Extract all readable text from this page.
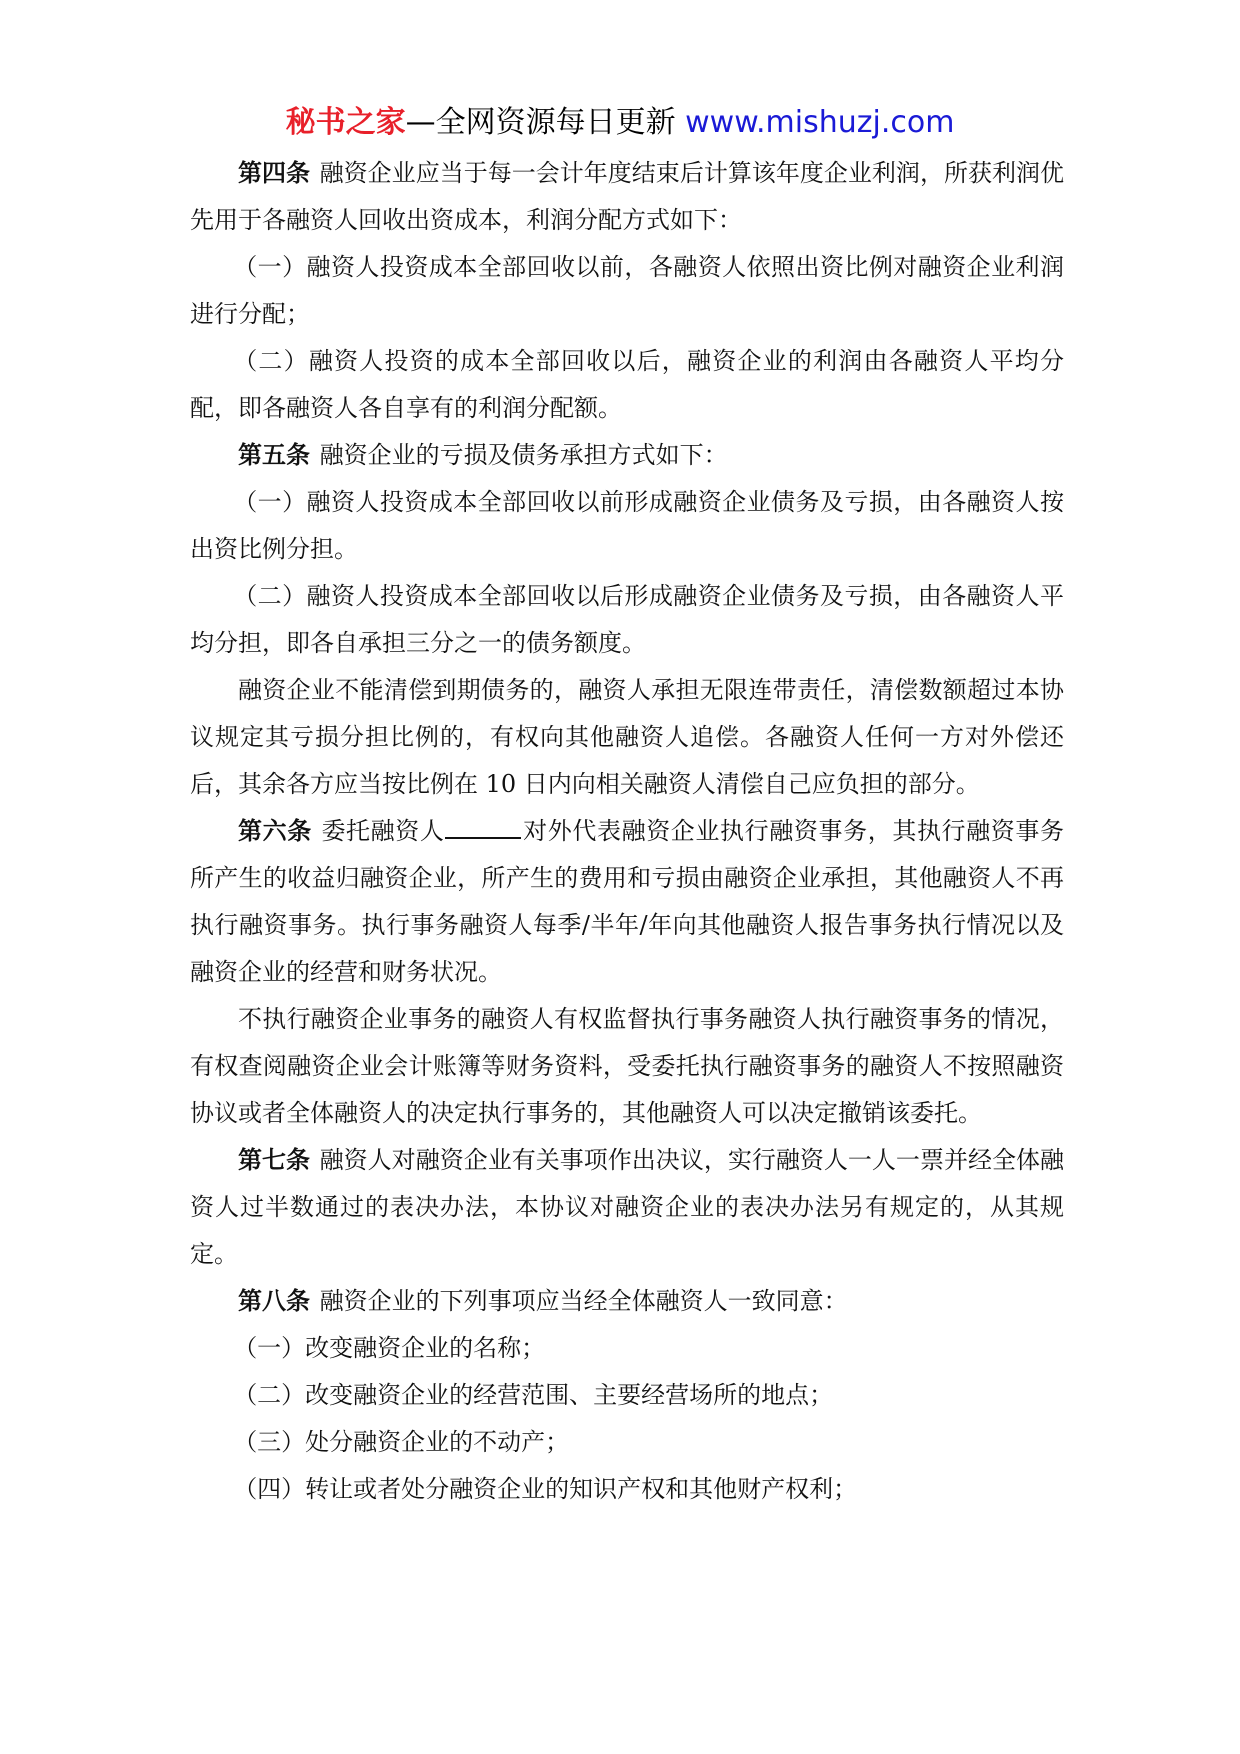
秘书之家—全网资源每日更新 www.mishuzj.com

第四条 融资企业应当于每一会计年度结束后计算该年度企业利润，所获利润优先用于各融资人回收出资成本，利润分配方式如下：

（一）融资人投资成本全部回收以前，各融资人依照出资比例对融资企业利润进行分配；

（二）融资人投资的成本全部回收以后，融资企业的利润由各融资人平均分配，即各融资人各自享有的利润分配额。

第五条 融资企业的亏损及债务承担方式如下：

（一）融资人投资成本全部回收以前形成融资企业债务及亏损，由各融资人按出资比例分担。

（二）融资人投资成本全部回收以后形成融资企业债务及亏损，由各融资人平均分担，即各自承担三分之一的债务额度。

融资企业不能清偿到期债务的，融资人承担无限连带责任，清偿数额超过本协议规定其亏损分担比例的，有权向其他融资人追偿。各融资人任何一方对外偿还后，其余各方应当按比例在 10 日内向相关融资人清偿自己应负担的部分。

第六条 委托融资人	对外代表融资企业执行融资事务，其执行融资事务所产生的收益归融资企业，所产生的费用和亏损由融资企业承担，其他融资人不再执行融资事务。执行事务融资人每季/半年/年向其他融资人报告事务执行情况以及融资企业的经营和财务状况。

不执行融资企业事务的融资人有权监督执行事务融资人执行融资事务的情况，有权查阅融资企业会计账簿等财务资料，受委托执行融资事务的融资人不按照融资协议或者全体融资人的决定执行事务的，其他融资人可以决定撤销该委托。

第七条 融资人对融资企业有关事项作出决议，实行融资人一人一票并经全体融资人过半数通过的表决办法，本协议对融资企业的表决办法另有规定的，从其规定。

第八条 融资企业的下列事项应当经全体融资人一致同意：

（一）改变融资企业的名称；

（二）改变融资企业的经营范围、主要经营场所的地点；

（三）处分融资企业的不动产；

（四）转让或者处分融资企业的知识产权和其他财产权利；
